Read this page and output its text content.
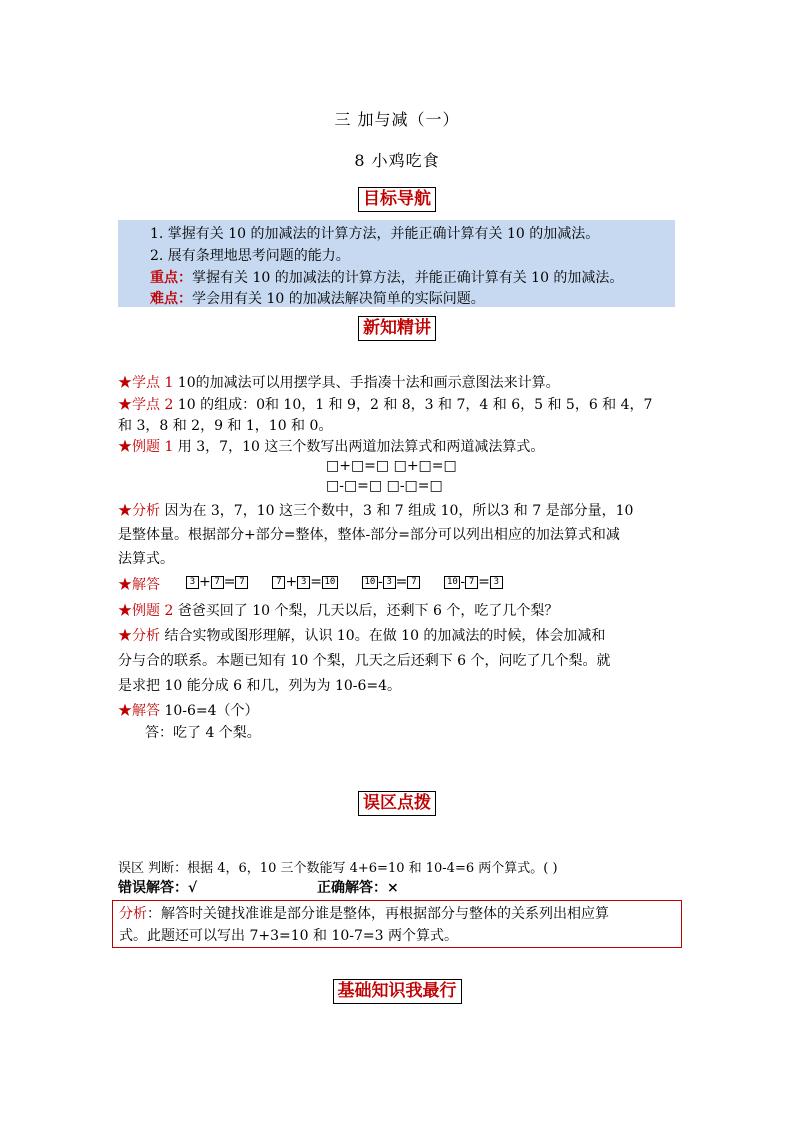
三 加与减（一）
8 小鸡吃食
目标导航
1. 掌握有关 10 的加减法的计算方法，并能正确计算有关 10 的加减法。
2. 展有条理地思考问题的能力。
重点：掌握有关 10 的加减法的计算方法，并能正确计算有关 10 的加减法。
难点：学会用有关 10 的加减法解决简单的实际问题。
新知精讲
★学点 1 10的加减法可以用摆学具、手指凑十法和画示意图法来计算。
★学点 2 10 的组成：0和 10，1 和 9，2 和 8，3 和 7，4 和 6，5 和 5，6 和 4，7
和 3，8 和 2，9 和 1，10 和 0。
★例题 1 用 3，7，10 这三个数写出两道加法算式和两道减法算式。
□+□=□ □+□=□
□-□=□ □-□=□
★分析 因为在 3，7，10 这三个数中，3 和 7 组成 10，所以3 和 7 是部分量，10
是整体量。根据部分+部分=整体，整体-部分=部分可以列出相应的加法算式和减
法算式。
★解答	3 + 7 = 7	7 + 3 = 10	10 - 3 = 7	10 - 7 = 3
★例题 2 爸爸买回了 10 个梨，几天以后，还剩下 6 个，吃了几个梨？
★分析 结合实物或图形理解，认识 10。在做 10 的加减法的时候，体会加减和
分与合的联系。本题已知有 10 个梨，几天之后还剩下 6 个，问吃了几个梨。就
是求把 10 能分成 6 和几，列为为 10-6=4。
★解答 10-6=4（个）
答：吃了 4 个梨。
误区点拨
误区 判断：根据 4，6，10 三个数能写 4+6=10 和 10-4=6 两个算式。( )
错误解答：√	正确解答：×
分析：解答时关键找准谁是部分谁是整体，再根据部分与整体的关系列出相应算
式。此题还可以写出 7+3=10 和 10-7=3 两个算式。
基础知识我最行
